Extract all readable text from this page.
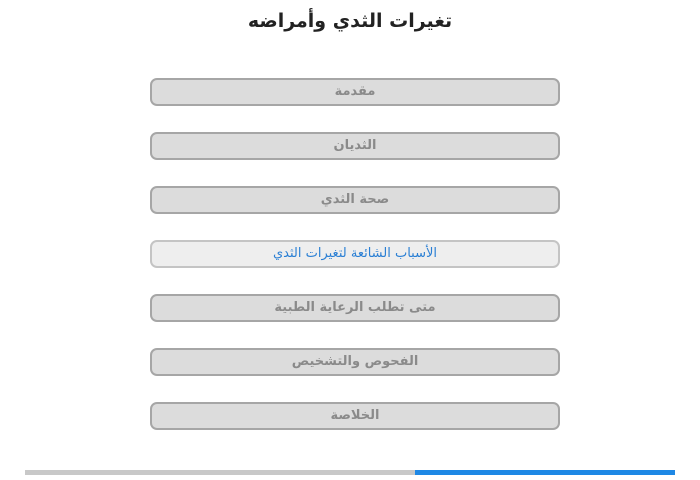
تغيرات الثدي وأمراضه
مقدمة
الثديان
صحة الثدي
الأسباب الشائعة لتغيرات الثدي
متى تطلب الرعاية الطبية
الفحوص والتشخيص
الخلاصة
